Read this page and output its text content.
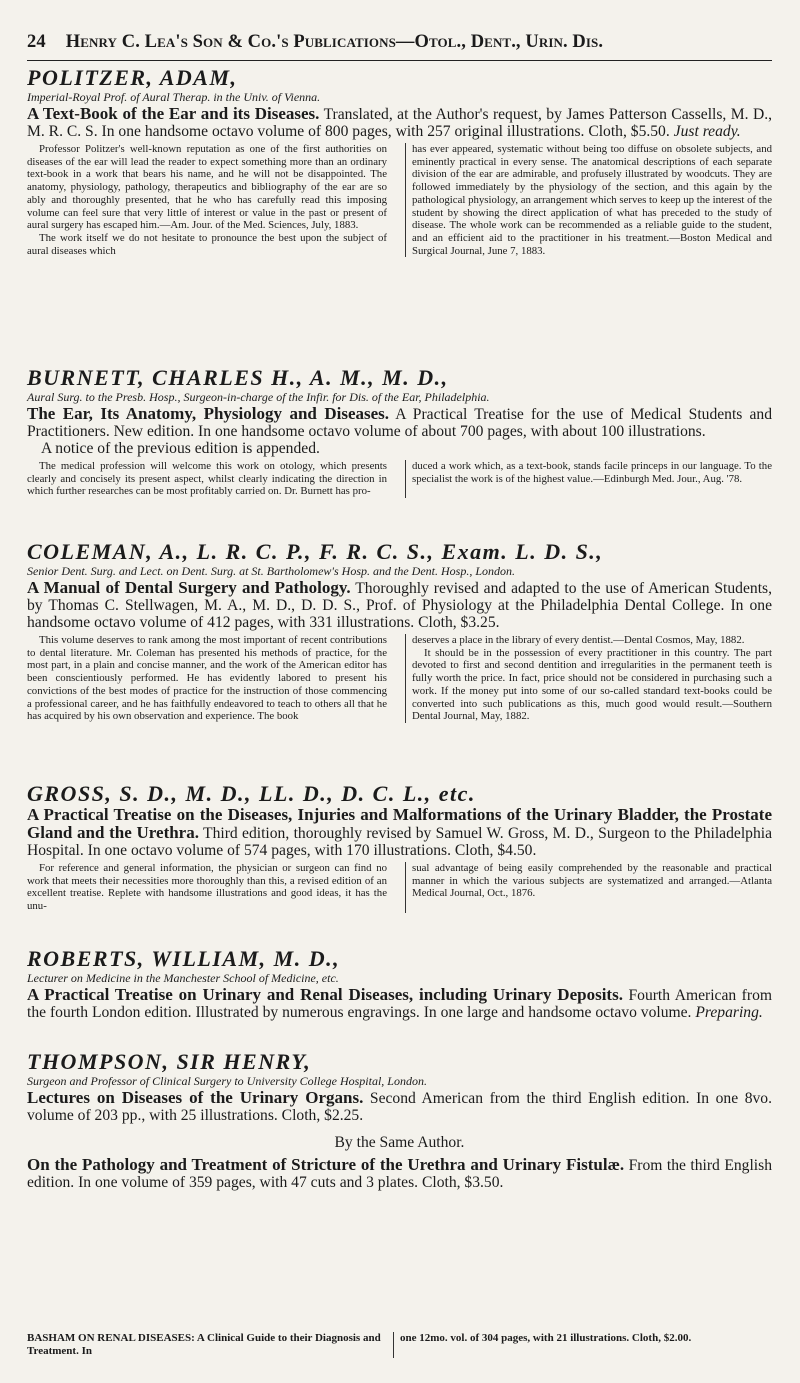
24 Henry C. Lea's Son & Co.'s Publications—Otol., Dent., Urin. Dis.
POLITZER, ADAM,
Imperial-Royal Prof. of Aural Therap. in the Univ. of Vienna.
A Text-Book of the Ear and its Diseases. Translated, at the Author's request, by James Patterson Cassells, M. D., M. R. C. S. In one handsome octavo volume of 800 pages, with 257 original illustrations. Cloth, $5.50. Just ready.

Professor Politzer's well-known reputation as one of the first authorities on diseases of the ear will lead the reader to expect something more than an ordinary text-book in a work that bears his name, and he will not be disappointed. The anatomy, physiology, pathology, therapeutics and bibliography of the ear are so ably and thoroughly presented, that he who has carefully read this imposing volume can feel sure that very little of interest or value in the past or present of aural surgery has escaped him.—Am. Jour. of the Med. Sciences, July, 1883.

The work itself we do not hesitate to pronounce the best upon the subject of aural diseases which

has ever appeared, systematic without being too diffuse on obsolete subjects, and eminently practical in every sense. The anatomical descriptions of each separate division of the ear are admirable, and profusely illustrated by woodcuts. They are followed immediately by the physiology of the section, and this again by the pathological physiology, an arrangement which serves to keep up the interest of the student by showing the direct application of what has preceded to the study of disease. The whole work can be recommended as a reliable guide to the student, and an efficient aid to the practitioner in his treatment.—Boston Medical and Surgical Journal, June 7, 1883.

BURNETT, CHARLES H., A. M., M. D.,
Aural Surg. to the Presb. Hosp., Surgeon-in-charge of the Infir. for Dis. of the Ear, Philadelphia.
The Ear, Its Anatomy, Physiology and Diseases. A Practical Treatise for the use of Medical Students and Practitioners. New edition. In one handsome octavo volume of about 700 pages, with about 100 illustrations.
A notice of the previous edition is appended.

The medical profession will welcome this work on otology, which presents clearly and concisely its present aspect, whilst clearly indicating the direction in which further researches can be most profitably carried on. Dr. Burnett has pro-

duced a work which, as a text-book, stands facile princeps in our language. To the specialist the work is of the highest value.—Edinburgh Med. Jour., Aug. '78.

COLEMAN, A., L. R. C. P., F. R. C. S., Exam. L. D. S.,
Senior Dent. Surg. and Lect. on Dent. Surg. at St. Bartholomew's Hosp. and the Dent. Hosp., London.
A Manual of Dental Surgery and Pathology. Thoroughly revised and adapted to the use of American Students, by Thomas C. Stellwagen, M. A., M. D., D. D. S., Prof. of Physiology at the Philadelphia Dental College. In one handsome octavo volume of 412 pages, with 331 illustrations. Cloth, $3.25.

This volume deserves to rank among the most important of recent contributions to dental literature. Mr. Coleman has presented his methods of practice, for the most part, in a plain and concise manner, and the work of the American editor has been conscientiously performed. He has evidently labored to present his convictions of the best modes of practice for the instruction of those commencing a professional career, and he has faithfully endeavored to teach to others all that he has acquired by his own observation and experience. The book

deserves a place in the library of every dentist.—Dental Cosmos, May, 1882.

It should be in the possession of every practitioner in this country. The part devoted to first and second dentition and irregularities in the permanent teeth is fully worth the price. In fact, price should not be considered in purchasing such a work. If the money put into some of our so-called standard text-books could be converted into such publications as this, much good would result.—Southern Dental Journal, May, 1882.

GROSS, S. D., M. D., LL. D., D. C. L., etc.
A Practical Treatise on the Diseases, Injuries and Malformations of the Urinary Bladder, the Prostate Gland and the Urethra. Third edition, thoroughly revised by Samuel W. Gross, M. D., Surgeon to the Philadelphia Hospital. In one octavo volume of 574 pages, with 170 illustrations. Cloth, $4.50.

For reference and general information, the physician or surgeon can find no work that meets their necessities more thoroughly than this, a revised edition of an excellent treatise. Replete with handsome illustrations and good ideas, it has the unu-

sual advantage of being easily comprehended by the reasonable and practical manner in which the various subjects are systematized and arranged.—Atlanta Medical Journal, Oct., 1876.

ROBERTS, WILLIAM, M. D.,
Lecturer on Medicine in the Manchester School of Medicine, etc.
A Practical Treatise on Urinary and Renal Diseases, including Urinary Deposits. Fourth American from the fourth London edition. Illustrated by numerous engravings. In one large and handsome octavo volume. Preparing.
THOMPSON, SIR HENRY,
Surgeon and Professor of Clinical Surgery to University College Hospital, London.
Lectures on Diseases of the Urinary Organs. Second American from the third English edition. In one 8vo. volume of 203 pp., with 25 illustrations. Cloth, $2.25.

By the Same Author.

On the Pathology and Treatment of Stricture of the Urethra and Urinary Fistulæ. From the third English edition. In one volume of 359 pages, with 47 cuts and 3 plates. Cloth, $3.50.
BASHAM ON RENAL DISEASES: A Clinical Guide to their Diagnosis and Treatment. In
one 12mo. vol. of 304 pages, with 21 illustrations. Cloth, $2.00.
